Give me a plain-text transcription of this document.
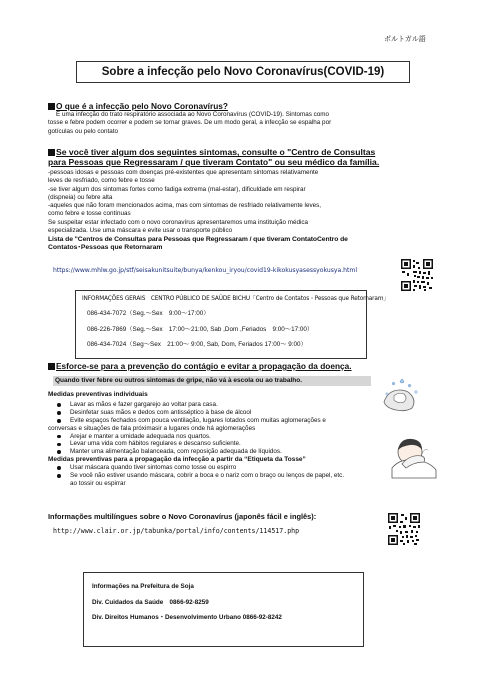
ポルトガル語
Sobre a infecção pelo Novo Coronavírus(COVID-19)
O que é a infecção pelo Novo Coronavírus?
É uma infecção do trato respiratório associada ao Novo Coronavírus (COVID-19). Sintomas como
tosse e febre podem ocorrer e podem se tornar graves. De um modo geral, a infecção se espalha por
gotículas ou pelo contato
Se você tiver algum dos seguintes sintomas, consulte o "Centro de Consultas
para Pessoas que Regressaram / que tiveram Contato" ou seu médico da família.
-pessoas idosas e pessoas com doenças pré-existentes que apresentam sintomas relativamente
leves de resfriado, como febre e tosse
-se tiver algum dos sintomas fortes como fadiga extrema (mal-estar), dificuldade em respirar
(dispneia) ou febre alta
-aqueles que não foram mencionados acima, mas com sintomas de resfriado relativamente leves,
como febre e tosse contínuas
Se suspeitar estar infectado com o novo coronavírus apresentaremos uma instituição médica
especializada. Use uma máscara e evite usar o transporte público
Lista de "Centros de Consultas para Pessoas que Regressaram / que tiveram ContatoCentro de
Contatos･Pessoas que Retornaram
https://www.mhlw.go.jp/stf/seisakunitsuite/bunya/kenkou_iryou/covid19-kikokusyasessyokusya.html
INFORMAÇÕES GERAIS　CENTRO PÚBLICO DE SAÚDE BICHU「Centro de Contatos・Pessoas que Retornaram」
086-434-7072（Seg.～Sex　9:00～17:00）
086-226-7869（Seg.～Sex　17:00～21:00, Sab ,Dom ,Feriados　9:00～17:00）
086-434-7024（Seg～Sex　21:00～ 9:00, Sab, Dom, Feriados 17:00～ 9:00）
Esforce-se para a prevenção do contágio e evitar a propagação da doença.
Quando tiver febre ou outros sintomas de gripe, não vá à escola ou ao trabalho.
Medidas preventivas individuais
Lavar as mãos e fazer gargarejo ao voltar para casa.
Desinfetar suas mãos e dedos com antisséptico à base de álcool
Evite espaços fechados com pouca ventilação, lugares lotados com muitas aglomerações e
conversas e situações de fala próximasir a lugares onde há aglomerações
Arejar e manter a umidade adequada nos quartos.
Levar uma vida com hábitos regulares e descanso suficiente.
Manter uma alimentação balanceada, com reposição adequada de líquidos.
Medidas preventivas para a propagação da infecção a partir da “Etiqueta da Tosse”
Usar máscara quando tiver sintomas como tosse ou espirro
Se você não estiver usando máscara, cobrir a boca e o nariz com o braço ou lenços de papel, etc.
ao tossir ou espirrar
Informações multilíngues sobre o Novo Coronavírus (japonês fácil e inglês):
http://www.clair.or.jp/tabunka/portal/info/contents/114517.php
Informações na Prefeitura de Soja
Div. Cuidados da Saúde　0866-92-8259
Div. Direitos Humanos・Desenvolvimento Urbano 0866-92-8242
